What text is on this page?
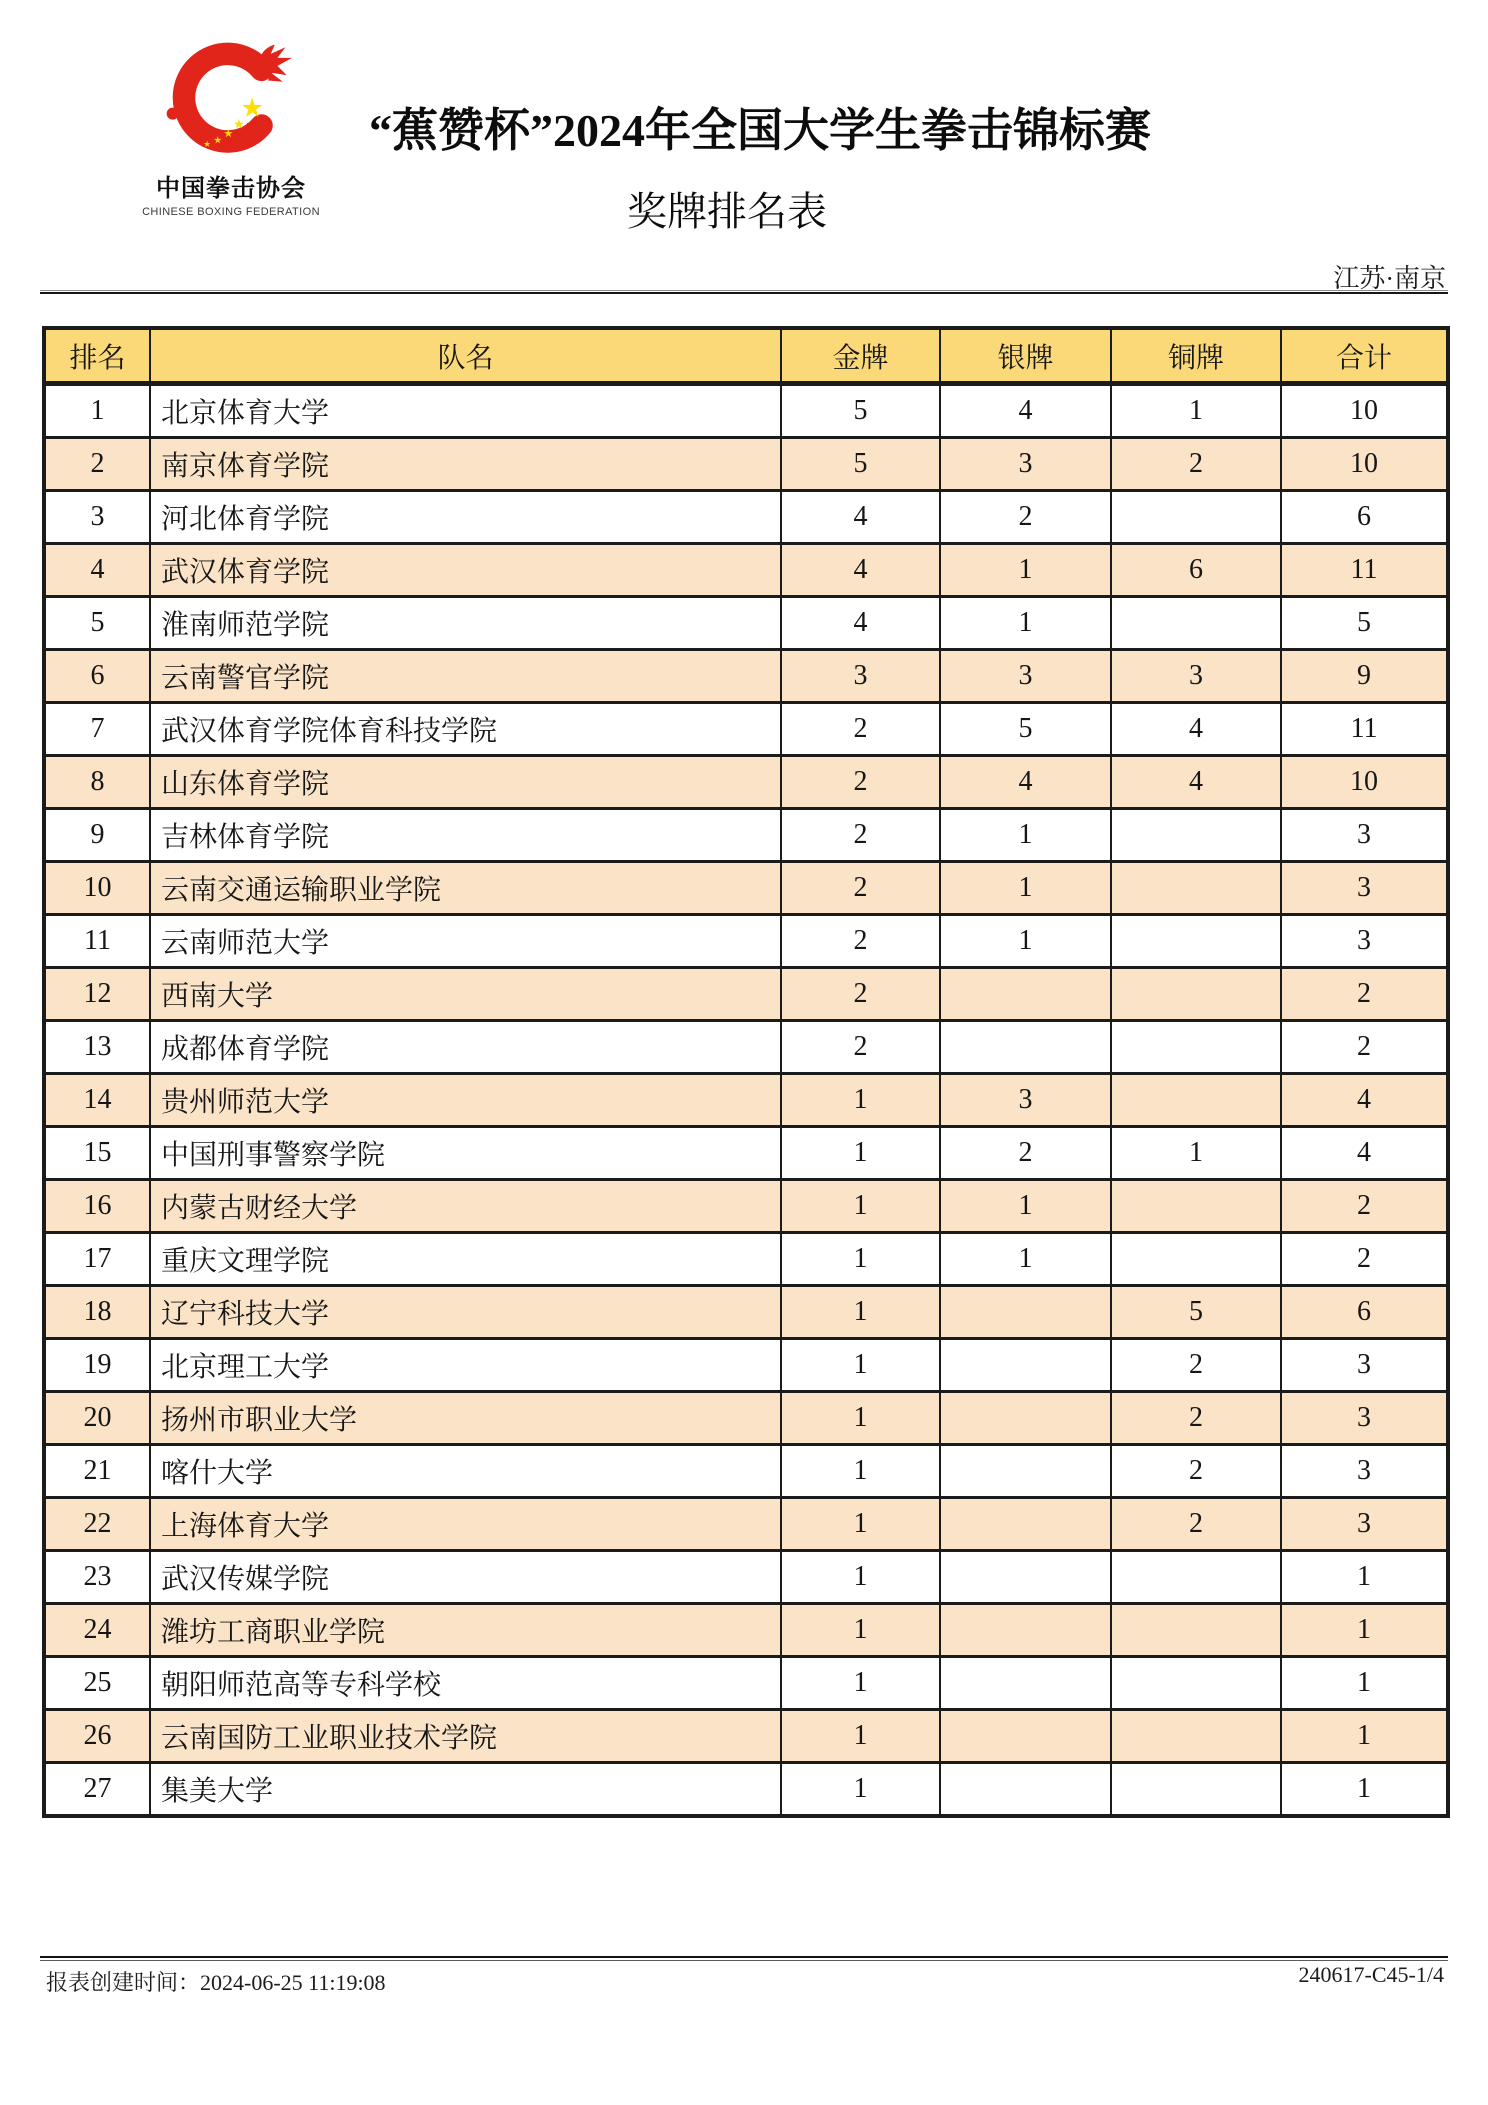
中国拳击协会
CHINESE BOXING FEDERATION
“蕉赞杯”2024年全国大学生拳击锦标赛
奖牌排名表
江苏·南京
排名	队名	金牌	银牌	铜牌	合计
1	北京体育大学	5	4	1	10
2	南京体育学院	5	3	2	10
3	河北体育学院	4	2		6
4	武汉体育学院	4	1	6	11
5	淮南师范学院	4	1		5
6	云南警官学院	3	3	3	9
7	武汉体育学院体育科技学院	2	5	4	11
8	山东体育学院	2	4	4	10
9	吉林体育学院	2	1		3
10	云南交通运输职业学院	2	1		3
11	云南师范大学	2	1		3
12	西南大学	2			2
13	成都体育学院	2			2
14	贵州师范大学	1	3		4
15	中国刑事警察学院	1	2	1	4
16	内蒙古财经大学	1	1		2
17	重庆文理学院	1	1		2
18	辽宁科技大学	1		5	6
19	北京理工大学	1		2	3
20	扬州市职业大学	1		2	3
21	喀什大学	1		2	3
22	上海体育大学	1		2	3
23	武汉传媒学院	1			1
24	潍坊工商职业学院	1			1
25	朝阳师范高等专科学校	1			1
26	云南国防工业职业技术学院	1			1
27	集美大学	1			1
报表创建时间：2024-06-25 11:19:08	240617-C45-1/4
